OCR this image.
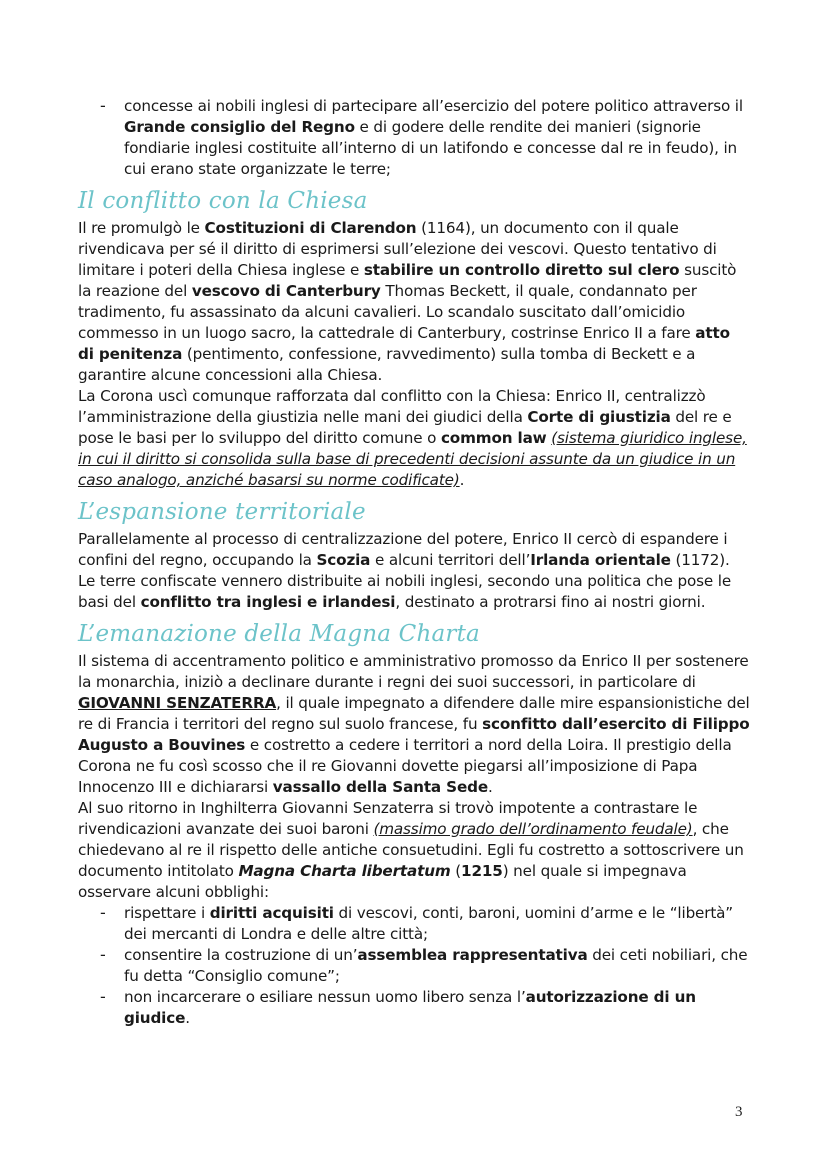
-	concesse ai nobili inglesi di partecipare all’esercizio del potere politico attraverso il Grande consiglio del Regno e di godere delle rendite dei manieri (signorie fondiarie inglesi costituite all’interno di un latifondo e concesse dal re in feudo), in cui erano state organizzate le terre;

Il conflitto con la Chiesa

Il re promulgò le Costituzioni di Clarendon (1164), un documento con il quale rivendicava per sé il diritto di esprimersi sull’elezione dei vescovi. Questo tentativo di limitare i poteri della Chiesa inglese e stabilire un controllo diretto sul clero suscitò la reazione del vescovo di Canterbury Thomas Beckett, il quale, condannato per tradimento, fu assassinato da alcuni cavalieri. Lo scandalo suscitato dall’omicidio commesso in un luogo sacro, la cattedrale di Canterbury, costrinse Enrico II a fare atto di penitenza (pentimento, confessione, ravvedimento) sulla tomba di Beckett e a garantire alcune concessioni alla Chiesa.

La Corona uscì comunque rafforzata dal conflitto con la Chiesa: Enrico II, centralizzò l’amministrazione della giustizia nelle mani dei giudici della Corte di giustizia del re e pose le basi per lo sviluppo del diritto comune o common law (sistema giuridico inglese, in cui il diritto si consolida sulla base di precedenti decisioni assunte da un giudice in un caso analogo, anziché basarsi su norme codificate).

L’espansione territoriale

Parallelamente al processo di centralizzazione del potere, Enrico II cercò di espandere i confini del regno, occupando la Scozia e alcuni territori dell’Irlanda orientale (1172). Le terre confiscate vennero distribuite ai nobili inglesi, secondo una politica che pose le basi del conflitto tra inglesi e irlandesi, destinato a protrarsi fino ai nostri giorni.

L’emanazione della Magna Charta

Il sistema di accentramento politico e amministrativo promosso da Enrico II per sostenere la monarchia, iniziò a declinare durante i regni dei suoi successori, in particolare di GIOVANNI SENZATERRA, il quale impegnato a difendere dalle mire espansionistiche del re di Francia i territori del regno sul suolo francese, fu sconfitto dall’esercito di Filippo Augusto a Bouvines e costretto a cedere i territori a nord della Loira. Il prestigio della Corona ne fu così scosso che il re Giovanni dovette piegarsi all’imposizione di Papa Innocenzo III e dichiararsi vassallo della Santa Sede.

Al suo ritorno in Inghilterra Giovanni Senzaterra si trovò impotente a contrastare le rivendicazioni avanzate dei suoi baroni (massimo grado dell’ordinamento feudale), che chiedevano al re il rispetto delle antiche consuetudini. Egli fu costretto a sottoscrivere un documento intitolato Magna Charta libertatum (1215) nel quale si impegnava osservare alcuni obblighi:

-	rispettare i diritti acquisiti di vescovi, conti, baroni, uomini d’arme e le “libertà” dei mercanti di Londra e delle altre città;

-	consentire la costruzione di un’assemblea rappresentativa dei ceti nobiliari, che fu detta “Consiglio comune”;

-	non incarcerare o esiliare nessun uomo libero senza l’autorizzazione di un giudice.

3
